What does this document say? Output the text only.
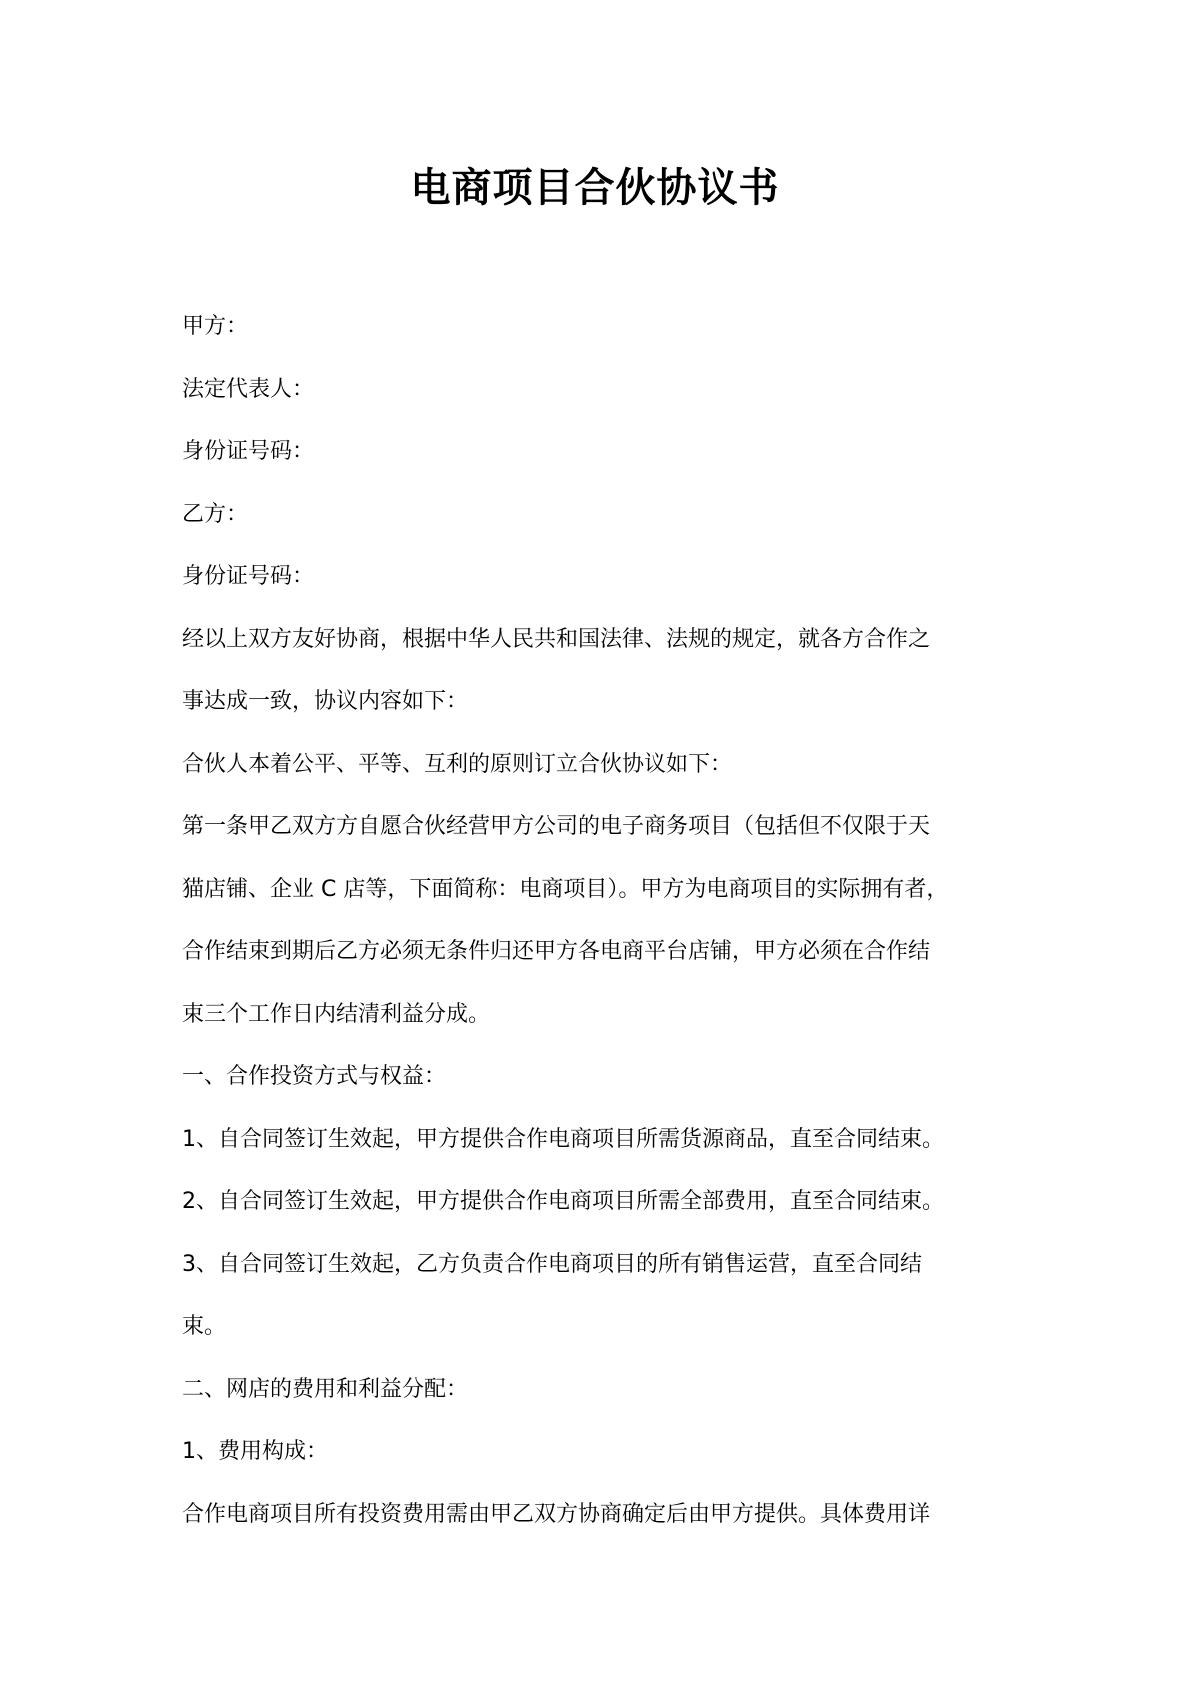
电商项目合伙协议书

甲方：

法定代表人：

身份证号码：

乙方：

身份证号码：

经以上双方友好协商，根据中华人民共和国法律、法规的规定，就各方合作之

事达成一致，协议内容如下：

合伙人本着公平、平等、互利的原则订立合伙协议如下：

第一条甲乙双方方自愿合伙经营甲方公司的电子商务项目（包括但不仅限于天

猫店铺、企业 C 店等，下面简称：电商项目）。甲方为电商项目的实际拥有者，

合作结束到期后乙方必须无条件归还甲方各电商平台店铺，甲方必须在合作结

束三个工作日内结清利益分成。

一、合作投资方式与权益：

1、自合同签订生效起，甲方提供合作电商项目所需货源商品，直至合同结束。

2、自合同签订生效起，甲方提供合作电商项目所需全部费用，直至合同结束。

3、自合同签订生效起，乙方负责合作电商项目的所有销售运营，直至合同结

束。

二、网店的费用和利益分配：

1、费用构成：

合作电商项目所有投资费用需由甲乙双方协商确定后由甲方提供。具体费用详
